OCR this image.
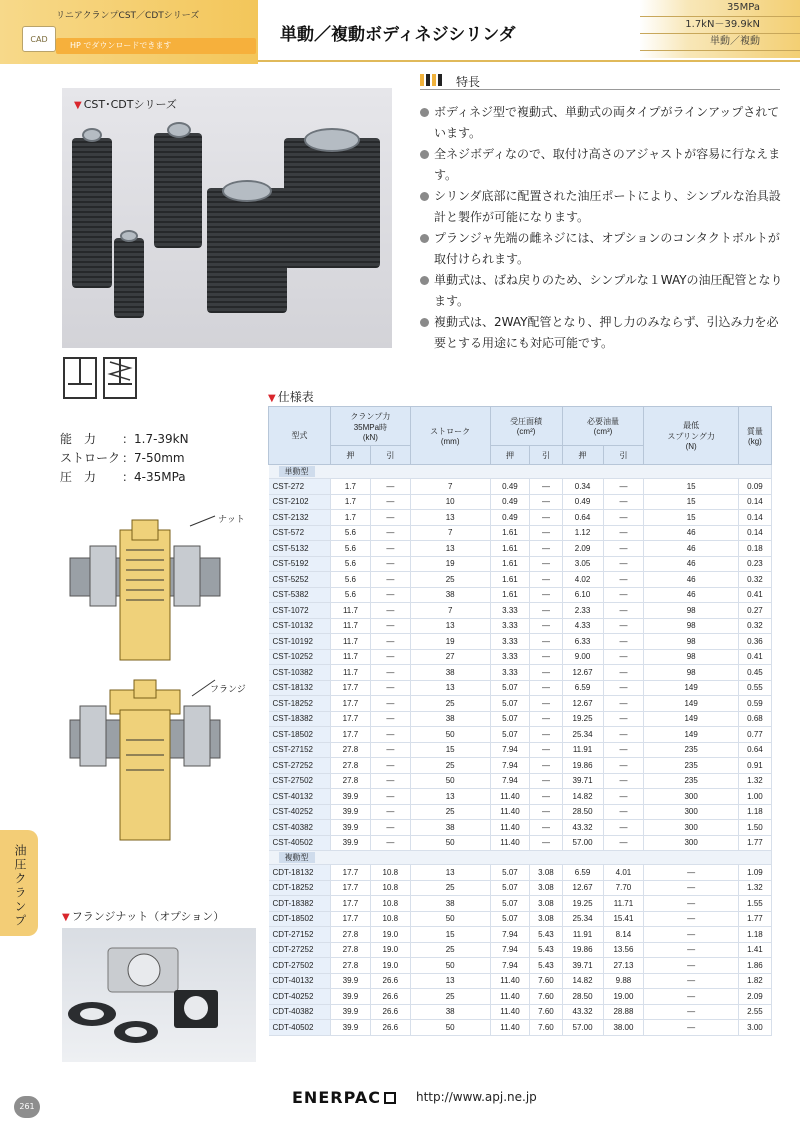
リニアクランプCST／CDTシリーズ
CAD
HP でダウンロードできます
単動／複動ボディネジシリンダ
35MPa
1.7kN－39.9kN
単動／複動
▼ CST･CDTシリーズ
特長
ボディネジ型で複動式、単動式の両タイプがラインアップされています。
全ネジボディなので、取付け高さのアジャストが容易に行なえます。
シリンダ底部に配置された油圧ポートにより、シンプルな治具設計と製作が可能になります。
プランジャ先端の雌ネジには、オプションのコンタクトボルトが取付けられます。
単動式は、ばね戻りのため、シンプルな１WAYの油圧配管となります。
複動式は、2WAY配管となり、押し力のみならず、引込み力を必要とする用途にも対応可能です。
能　力 ：1.7-39kN
ストローク ：7-50mm
圧　力 ：4-35MPa
ナット
フランジ
油圧クランプ	▼ フランジナット（オプション）
▼ 仕様表
型式	クランプ力
35MPa時
(kN)		ストローク
(mm)	受圧面積
(cm²)		必要油量
(cm³)		最低
スプリング力
(N)	質量
(kg)
	押	引		押	引	押	引		
単動型									
CST-272	1.7	—	7	0.49	—	0.34	—	15	0.09
CST-2102	1.7	—	10	0.49	—	0.49	—	15	0.14
CST-2132	1.7	—	13	0.49	—	0.64	—	15	0.14
CST-572	5.6	—	7	1.61	—	1.12	—	46	0.14
CST-5132	5.6	—	13	1.61	—	2.09	—	46	0.18
CST-5192	5.6	—	19	1.61	—	3.05	—	46	0.23
CST-5252	5.6	—	25	1.61	—	4.02	—	46	0.32
CST-5382	5.6	—	38	1.61	—	6.10	—	46	0.41
CST-1072	11.7	—	7	3.33	—	2.33	—	98	0.27
CST-10132	11.7	—	13	3.33	—	4.33	—	98	0.32
CST-10192	11.7	—	19	3.33	—	6.33	—	98	0.36
CST-10252	11.7	—	27	3.33	—	9.00	—	98	0.41
CST-10382	11.7	—	38	3.33	—	12.67	—	98	0.45
CST-18132	17.7	—	13	5.07	—	6.59	—	149	0.55
CST-18252	17.7	—	25	5.07	—	12.67	—	149	0.59
CST-18382	17.7	—	38	5.07	—	19.25	—	149	0.68
CST-18502	17.7	—	50	5.07	—	25.34	—	149	0.77
CST-27152	27.8	—	15	7.94	—	11.91	—	235	0.64
CST-27252	27.8	—	25	7.94	—	19.86	—	235	0.91
CST-27502	27.8	—	50	7.94	—	39.71	—	235	1.32
CST-40132	39.9	—	13	11.40	—	14.82	—	300	1.00
CST-40252	39.9	—	25	11.40	—	28.50	—	300	1.18
CST-40382	39.9	—	38	11.40	—	43.32	—	300	1.50
CST-40502	39.9	—	50	11.40	—	57.00	—	300	1.77
複動型									
CDT-18132	17.7	10.8	13	5.07	3.08	6.59	4.01	—	1.09
CDT-18252	17.7	10.8	25	5.07	3.08	12.67	7.70	—	1.32
CDT-18382	17.7	10.8	38	5.07	3.08	19.25	11.71	—	1.55
CDT-18502	17.7	10.8	50	5.07	3.08	25.34	15.41	—	1.77
CDT-27152	27.8	19.0	15	7.94	5.43	11.91	8.14	—	1.18
CDT-27252	27.8	19.0	25	7.94	5.43	19.86	13.56	—	1.41
CDT-27502	27.8	19.0	50	7.94	5.43	39.71	27.13	—	1.86
CDT-40132	39.9	26.6	13	11.40	7.60	14.82	9.88	—	1.82
CDT-40252	39.9	26.6	25	11.40	7.60	28.50	19.00	—	2.09
CDT-40382	39.9	26.6	38	11.40	7.60	43.32	28.88	—	2.55
CDT-40502	39.9	26.6	50	11.40	7.60	57.00	38.00	—	3.00
ENERPAC	http://www.apj.ne.jp
261
